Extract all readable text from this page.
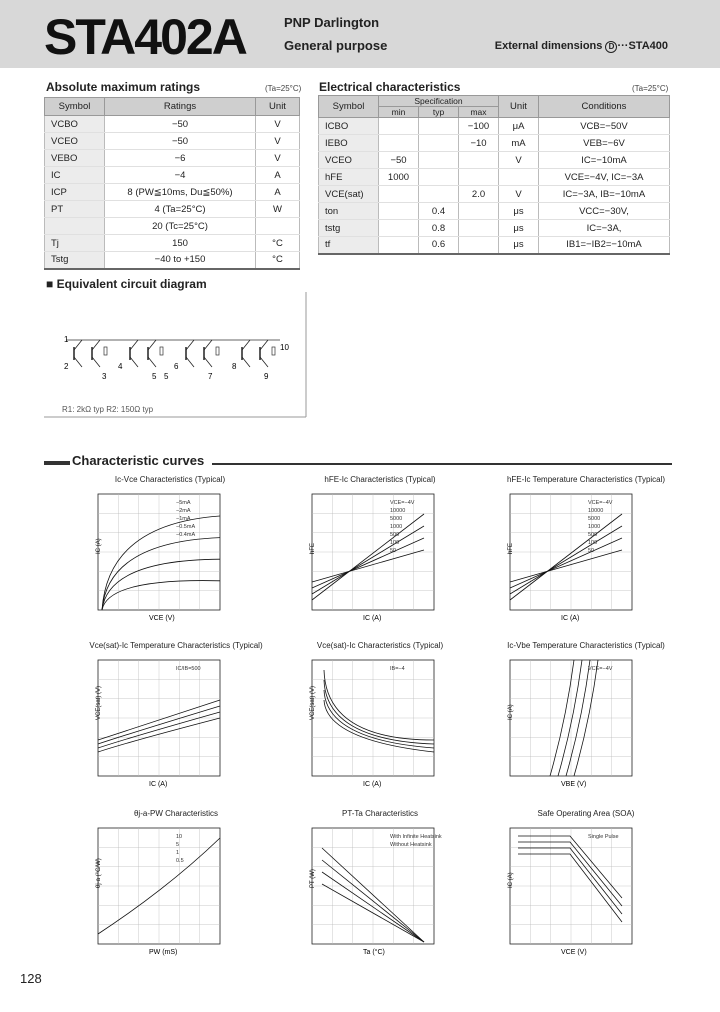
STA402A	PNP Darlington
General purpose	External dimensions D ···STA400
Absolute maximum ratings	(Ta=25°C)
Symbol	Ratings	Unit
VCBO	−50	V
VCEO	−50	V
VEBO	−6	V
IC	−4	A
ICP	8 (PW≦10ms, Du≦50%)	A
PT	4 (Ta=25°C)	W
	20 (Tc=25°C)	
Tj	150	°C
Tstg	−40 to +150	°C
Electrical characteristics	(Ta=25°C)
Symbol	Specification			Unit	Conditions
	min	typ	max		
ICBO			−100	μA	VCB=−50V
IEBO			−10	mA	VEB=−6V
VCEO	−50			V	IC=−10mA
hFE	1000				VCE=−4V, IC=−3A
VCE(sat)			2.0	V	IC=−3A, IB=−10mA
ton		0.4		μs	VCC=−30V,
tstg		0.8		μs	IC=−3A,
tf		0.6		μs	IB1=−IB2=−10mA
■ Equivalent circuit diagram
1
10
2	4	6	8
3	5 5	7	9
R1: 2kΩ typ R2: 150Ω typ
Characteristic curves
Ic-Vce Characteristics (Typical)
VCE (V)
IC (A)
−5mA
−2mA
−1mA
−0.5mA
−0.4mA
hFE-Ic Characteristics (Typical)
IC (A)
hFE
VCE=−4V
10000
5000
1000
500
100
50
hFE-Ic Temperature Characteristics (Typical)
IC (A)
hFE
VCE=−4V
10000
5000
1000
500
100
50
Vce(sat)-Ic Temperature Characteristics (Typical)
IC (A)
VCE(sat) (V)
IC/IB=500
Vce(sat)-Ic Characteristics (Typical)
IC (A)
VCE(sat) (V)
IB=−4
Ic-Vbe Temperature Characteristics (Typical)
VBE (V)
IC (A)
VCE=−4V
θj-a-PW Characteristics
PW (mS)
θj-a (°C/W)
10
5
1
0.5
PT-Ta Characteristics
Ta (°C)
PT (W)
With Infinite Heatsink
Without Heatsink
Safe Operating Area (SOA)
VCE (V)
IC (A)
Single Pulse
128
